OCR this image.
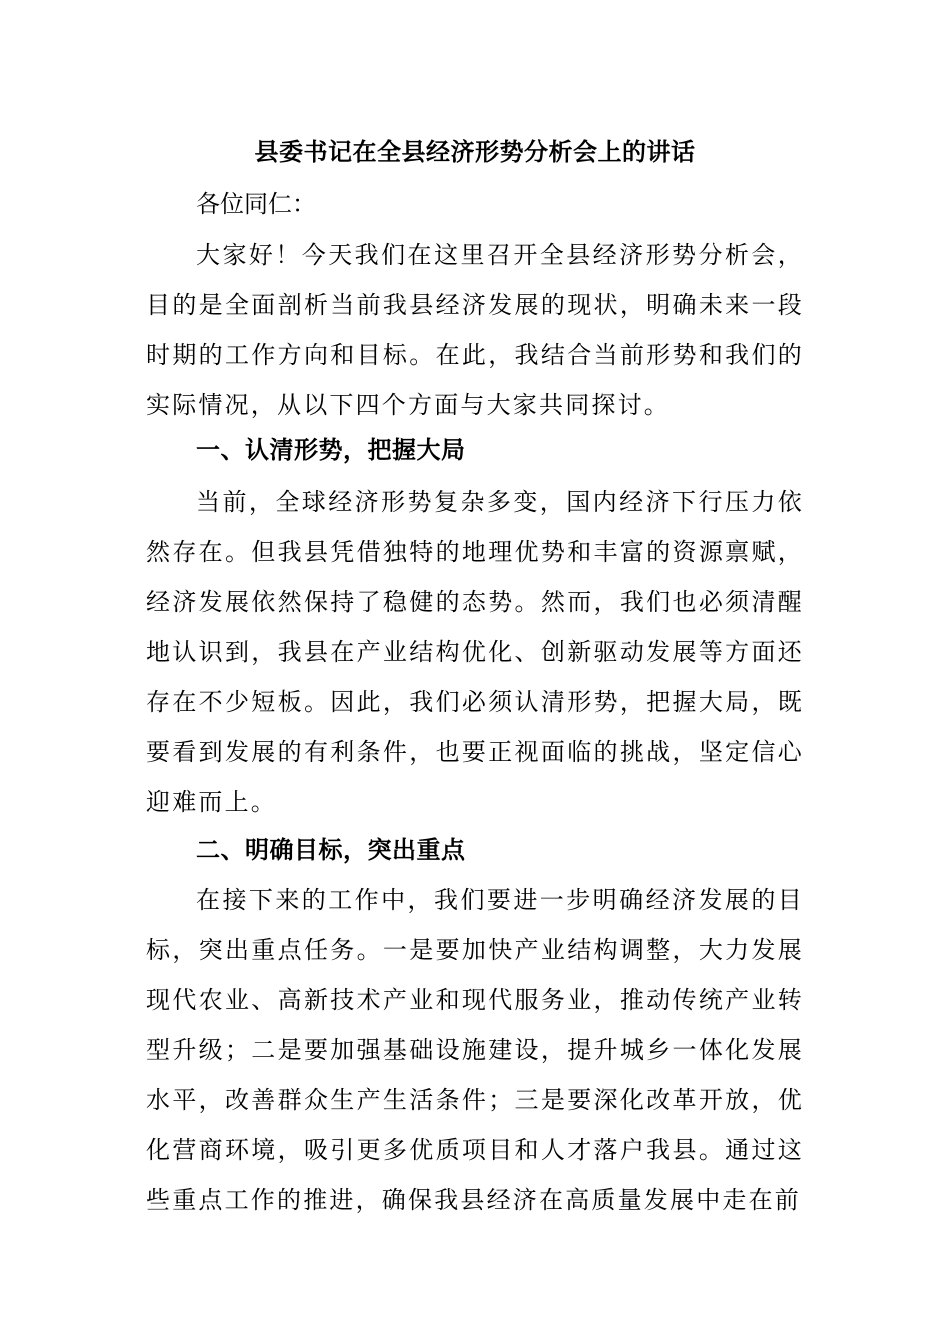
县委书记在全县经济形势分析会上的讲话
各位同仁：

大家好！今天我们在这里召开全县经济形势分析会，目的是全面剖析当前我县经济发展的现状，明确未来一段时期的工作方向和目标。在此，我结合当前形势和我们的实际情况，从以下四个方面与大家共同探讨。

一、认清形势，把握大局

当前，全球经济形势复杂多变，国内经济下行压力依然存在。但我县凭借独特的地理优势和丰富的资源禀赋，经济发展依然保持了稳健的态势。然而，我们也必须清醒地认识到，我县在产业结构优化、创新驱动发展等方面还存在不少短板。因此，我们必须认清形势，把握大局，既要看到发展的有利条件，也要正视面临的挑战，坚定信心迎难而上。

二、明确目标，突出重点

在接下来的工作中，我们要进一步明确经济发展的目标，突出重点任务。一是要加快产业结构调整，大力发展现代农业、高新技术产业和现代服务业，推动传统产业转型升级；二是要加强基础设施建设，提升城乡一体化发展水平，改善群众生产生活条件；三是要深化改革开放，优化营商环境，吸引更多优质项目和人才落户我县。通过这些重点工作的推进，确保我县经济在高质量发展中走在前
